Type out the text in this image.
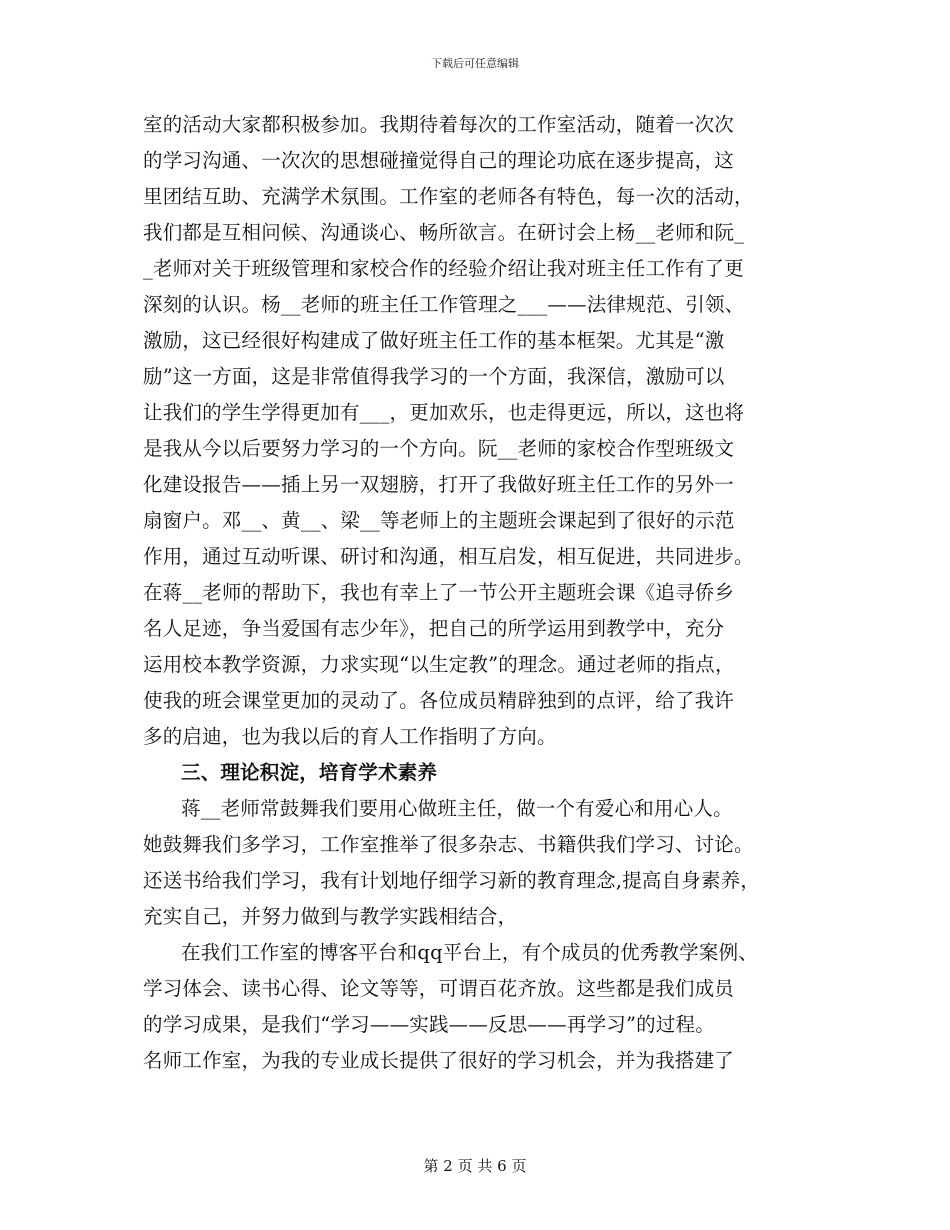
下载后可任意编辑
室的活动大家都积极参加。我期待着每次的工作室活动，随着一次次
的学习沟通、一次次的思想碰撞觉得自己的理论功底在逐步提高，这
里团结互助、充满学术氛围。工作室的老师各有特色，每一次的活动，
我们都是互相问候、沟通谈心、畅所欲言。在研讨会上杨__老师和阮_
_老师对关于班级管理和家校合作的经验介绍让我对班主任工作有了更
深刻的认识。杨__老师的班主任工作管理之___——法律规范、引领、
激励，这已经很好构建成了做好班主任工作的基本框架。尤其是“激
励”这一方面，这是非常值得我学习的一个方面，我深信，激励可以
让我们的学生学得更加有___，更加欢乐，也走得更远，所以，这也将
是我从今以后要努力学习的一个方向。阮__老师的家校合作型班级文
化建设报告——插上另一双翅膀，打开了我做好班主任工作的另外一
扇窗户。邓__、黄__、梁__等老师上的主题班会课起到了很好的示范
作用，通过互动听课、研讨和沟通，相互启发，相互促进，共同进步。
在蒋__老师的帮助下，我也有幸上了一节公开主题班会课《追寻侨乡
名人足迹，争当爱国有志少年》，把自己的所学运用到教学中，充分
运用校本教学资源，力求实现“以生定教”的理念。通过老师的指点，
使我的班会课堂更加的灵动了。各位成员精辟独到的点评，给了我许
多的启迪，也为我以后的育人工作指明了方向。
三、理论积淀，培育学术素养
蒋__老师常鼓舞我们要用心做班主任，做一个有爱心和用心人。
她鼓舞我们多学习，工作室推举了很多杂志、书籍供我们学习、讨论。
还送书给我们学习，我有计划地仔细学习新的教育理念,提高自身素养，
充实自己，并努力做到与教学实践相结合，
在我们工作室的博客平台和qq平台上，有个成员的优秀教学案例、
学习体会、读书心得、论文等等，可谓百花齐放。这些都是我们成员
的学习成果，是我们“学习——实践——反思——再学习”的过程。
名师工作室，为我的专业成长提供了很好的学习机会，并为我搭建了
第 2 页 共 6 页
